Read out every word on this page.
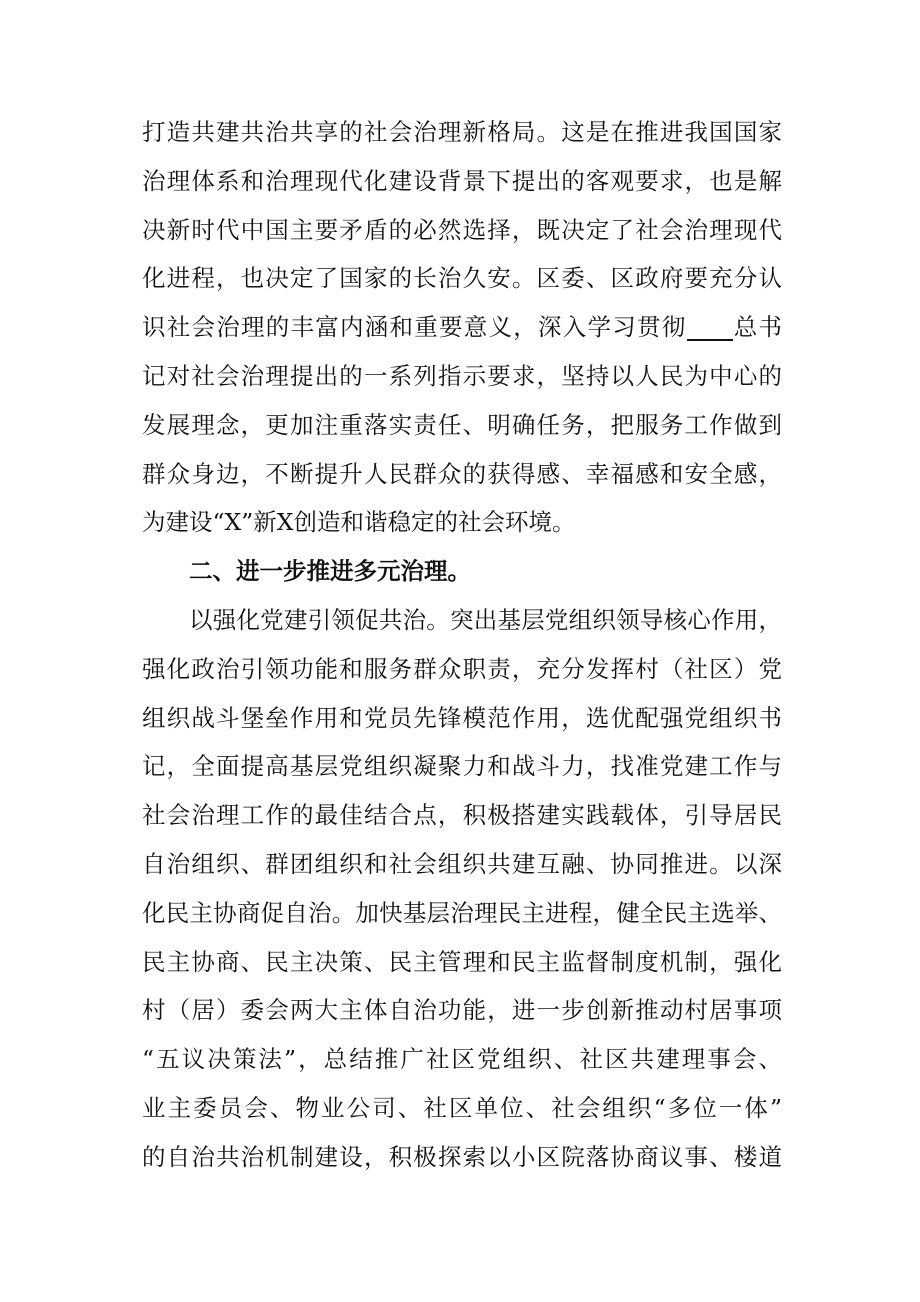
打造共建共治共享的社会治理新格局。这是在推进我国国家
治理体系和治理现代化建设背景下提出的客观要求，也是解
决新时代中国主要矛盾的必然选择，既决定了社会治理现代
化进程，也决定了国家的长治久安。区委、区政府要充分认
识社会治理的丰富内涵和重要意义，深入学习贯彻 总书
记对社会治理提出的一系列指示要求，坚持以人民为中心的
发展理念，更加注重落实责任、明确任务，把服务工作做到
群众身边，不断提升人民群众的获得感、幸福感和安全感，
为建设“X”新X创造和谐稳定的社会环境。
二、进一步推进多元治理。
以强化党建引领促共治。突出基层党组织领导核心作用，
强化政治引领功能和服务群众职责，充分发挥村（社区）党
组织战斗堡垒作用和党员先锋模范作用，选优配强党组织书
记，全面提高基层党组织凝聚力和战斗力，找准党建工作与
社会治理工作的最佳结合点，积极搭建实践载体，引导居民
自治组织、群团组织和社会组织共建互融、协同推进。以深
化民主协商促自治。加快基层治理民主进程，健全民主选举、
民主协商、民主决策、民主管理和民主监督制度机制，强化
村（居）委会两大主体自治功能，进一步创新推动村居事项
“五议决策法”，总结推广社区党组织、社区共建理事会、
业主委员会、物业公司、社区单位、社会组织“多位一体”
的自治共治机制建设，积极探索以小区院落协商议事、楼道
